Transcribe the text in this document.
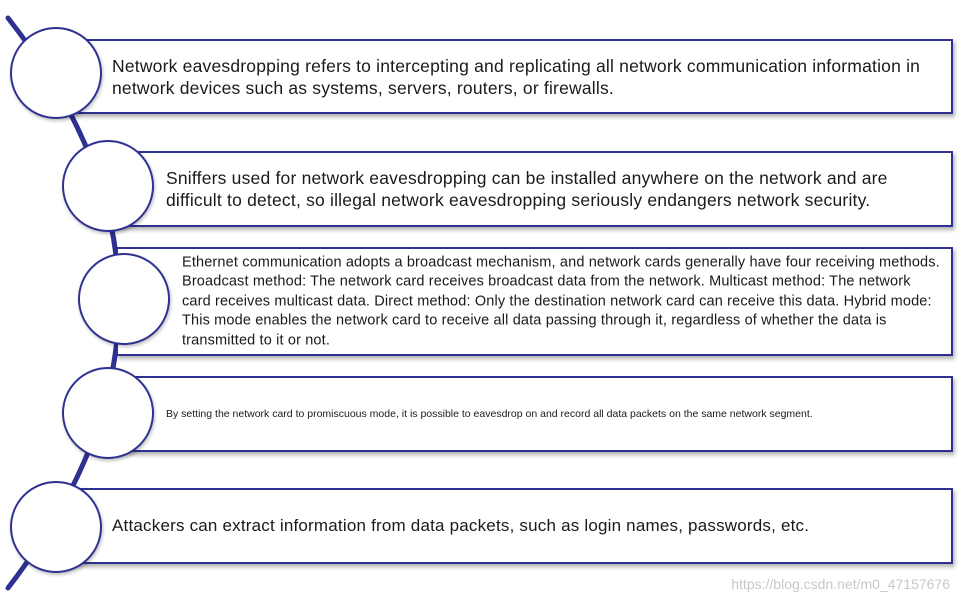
Network eavesdropping refers to intercepting and replicating all network communication information in network devices such as systems, servers, routers, or firewalls.
Sniffers used for network eavesdropping can be installed anywhere on the network and are difficult to detect, so illegal network eavesdropping seriously endangers network security.
Ethernet communication adopts a broadcast mechanism, and network cards generally have four receiving methods. Broadcast method: The network card receives broadcast data from the network. Multicast method: The network card receives multicast data. Direct method: Only the destination network card can receive this data. Hybrid mode: This mode enables the network card to receive all data passing through it, regardless of whether the data is transmitted to it or not.
By setting the network card to promiscuous mode, it is possible to eavesdrop on and record all data packets on the same network segment.
Attackers can extract information from data packets, such as login names, passwords, etc.
https://blog.csdn.net/m0_47157676
